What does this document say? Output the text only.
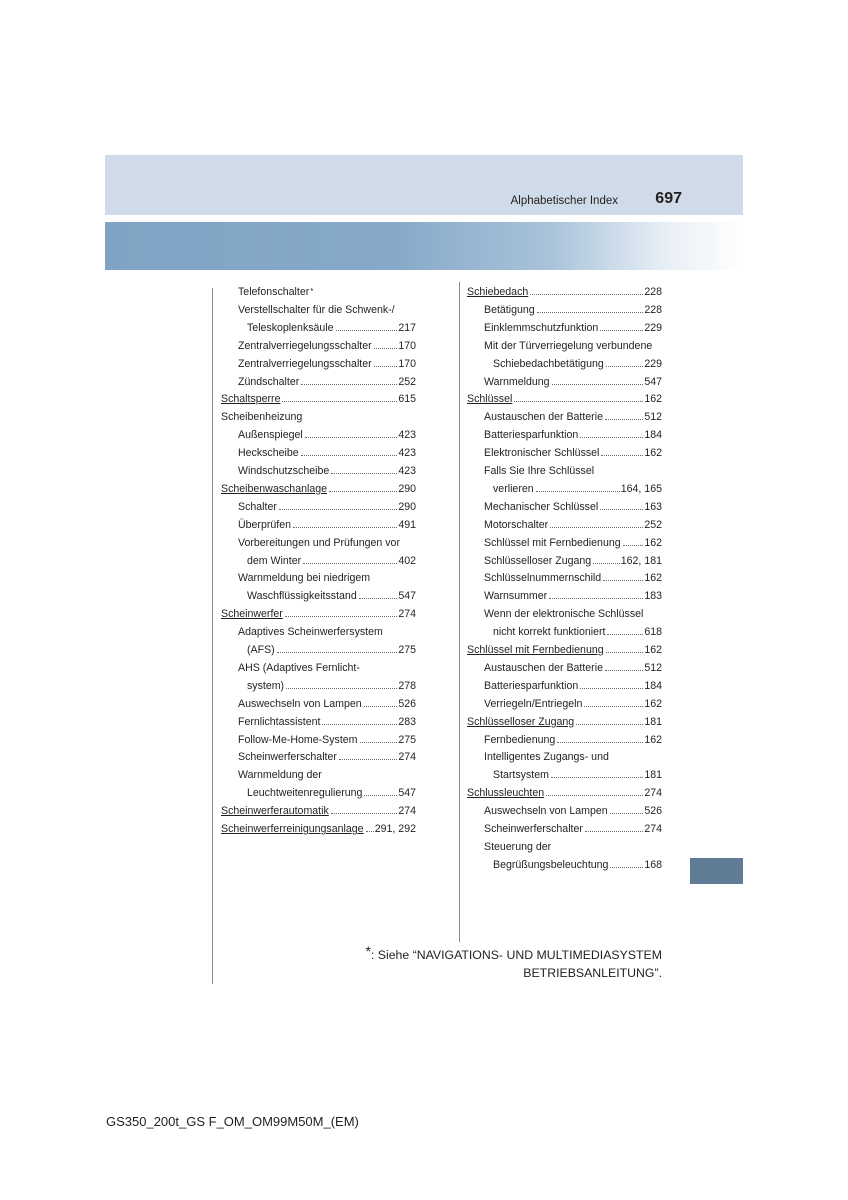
Alphabetischer Index	697
Telefonschalter *
Verstellschalter für die Schwenk-/
Teleskoplenksäule	217
Zentralverriegelungsschalter	170
Zentralverriegelungsschalter	170
Zündschalter	252
Schaltsperre	615
Scheibenheizung
Außenspiegel	423
Heckscheibe	423
Windschutzscheibe	423
Scheibenwaschanlage	290
Schalter	290
Überprüfen	491
Vorbereitungen und Prüfungen vor
dem Winter	402
Warnmeldung bei niedrigem
Waschflüssigkeitsstand	547
Scheinwerfer	274
Adaptives Scheinwerfersystem
(AFS)	275
AHS (Adaptives Fernlicht-
system)	278
Auswechseln von Lampen	526
Fernlichtassistent	283
Follow-Me-Home-System	275
Scheinwerferschalter	274
Warnmeldung der
Leuchtweitenregulierung	547
Scheinwerferautomatik	274
Scheinwerferreinigungsanlage 291, 292
Schiebedach	228
Betätigung	228
Einklemmschutzfunktion	229
Mit der Türverriegelung verbundene
Schiebedachbetätigung	229
Warnmeldung	547
Schlüssel	162
Austauschen der Batterie	512
Batteriesparfunktion	184
Elektronischer Schlüssel	162
Falls Sie Ihre Schlüssel
verlieren	164, 165
Mechanischer Schlüssel	163
Motorschalter	252
Schlüssel mit Fernbedienung 162
Schlüsselloser Zugang	162, 181
Schlüsselnummernschild	162
Warnsummer	183
Wenn der elektronische Schlüssel
nicht korrekt funktioniert	618
Schlüssel mit Fernbedienung	162
Austauschen der Batterie	512
Batteriesparfunktion	184
Verriegeln/Entriegeln	162
Schlüsselloser Zugang	181
Fernbedienung	162
Intelligentes Zugangs- und
Startsystem	181
Schlussleuchten	274
Auswechseln von Lampen	526
Scheinwerferschalter	274
Steuerung der
Begrüßungsbeleuchtung	168
*: Siehe “NAVIGATIONS- UND MULTIMEDIASYSTEM
BETRIEBSANLEITUNG”.
GS350_200t_GS F_OM_OM99M50M_(EM)
